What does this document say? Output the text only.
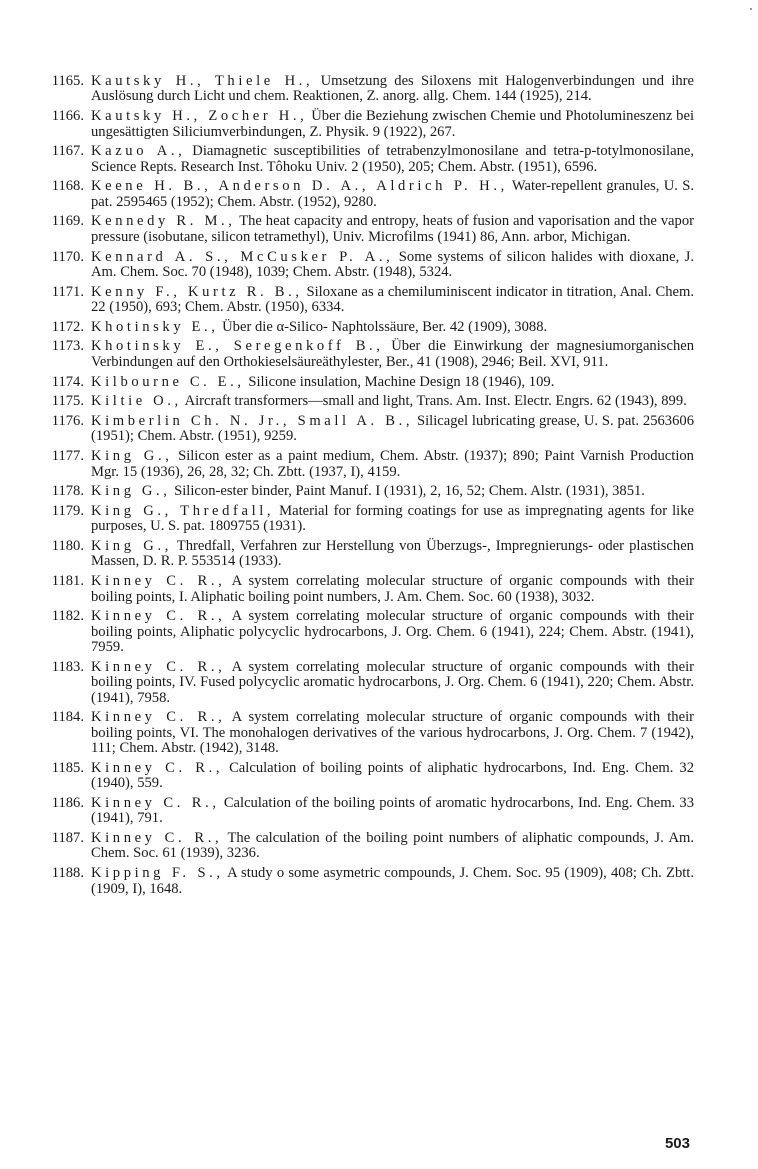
1165 . Kautsky H., Thiele H., Umsetzung des Siloxens mit Halogenverbindungen und ihre Auslösung durch Licht und chem. Reaktionen, Z. anorg. allg. Chem. 144 (1925), 214.
1166 . Kautsky H., Zocher H., Über die Beziehung zwischen Chemie und Photolumineszenz bei ungesättigten Siliciumverbindungen, Z. Physik. 9 (1922), 267.
1167 . Kazuo A., Diamagnetic susceptibilities of tetrabenzylmonosilane and tetra-p-totylmonosilane, Science Repts. Research Inst. Tôhoku Univ. 2 (1950), 205; Chem. Abstr. (1951), 6596.
1168 . Keene H. B., Anderson D. A., Aldrich P. H., Water-repellent granules, U. S. pat. 2595465 (1952); Chem. Abstr. (1952), 9280.
1169 . Kennedy R. M., The heat capacity and entropy, heats of fusion and vaporisation and the vapor pressure (isobutane, silicon tetramethyl), Univ. Microfilms (1941) 86, Ann. arbor, Michigan.
1170 . Kennard A. S., McCusker P. A., Some systems of silicon halides with dioxane, J. Am. Chem. Soc. 70 (1948), 1039; Chem. Abstr. (1948), 5324.
1171 . Kenny F., Kurtz R. B., Siloxane as a chemiluminiscent indicator in titration, Anal. Chem. 22 (1950), 693; Chem. Abstr. (1950), 6334.
1172 . Khotinsky E., Über die α-Silico- Naphtolssäure, Ber. 42 (1909), 3088.
1173 . Khotinsky E., Seregenkoff B., Über die Einwirkung der magnesiumorganischen Verbindungen auf den Orthokieselsäureäthylester, Ber., 41 (1908), 2946; Beil. XVI, 911.
1174 . Kilbourne C. E., Silicone insulation, Machine Design 18 (1946), 109.
1175 . Kiltie O., Aircraft transformers—small and light, Trans. Am. Inst. Electr. Engrs. 62 (1943), 899.
1176 . Kimberlin Ch. N. Jr., Small A. B., Silicagel lubricating grease, U. S. pat. 2563606 (1951); Chem. Abstr. (1951), 9259.
1177 . King G., Silicon ester as a paint medium, Chem. Abstr. (1937); 890; Paint Varnish Production Mgr. 15 (1936), 26, 28, 32; Ch. Zbtt. (1937, I), 4159.
1178 . King G., Silicon-ester binder, Paint Manuf. I (1931), 2, 16, 52; Chem. Alstr. (1931), 3851.
1179 . King G., Thredfall, Material for forming coatings for use as impregnating agents for like purposes, U. S. pat. 1809755 (1931).
1180 . King G., Thredfall, Verfahren zur Herstellung von Überzugs-, Impregnierungs- oder plastischen Massen, D. R. P. 553514 (1933).
1181 . Kinney C. R., A system correlating molecular structure of organic compounds with their boiling points, I. Aliphatic boiling point numbers, J. Am. Chem. Soc. 60 (1938), 3032.
1182 . Kinney C. R., A system correlating molecular structure of organic compounds with their boiling points, Aliphatic polycyclic hydrocarbons, J. Org. Chem. 6 (1941), 224; Chem. Abstr. (1941), 7959.
1183 . Kinney C. R., A system correlating molecular structure of organic compounds with their boiling points, IV. Fused polycyclic aromatic hydrocarbons, J. Org. Chem. 6 (1941), 220; Chem. Abstr. (1941), 7958.
1184 . Kinney C. R., A system correlating molecular structure of organic compounds with their boiling points, VI. The monohalogen derivatives of the various hydrocarbons, J. Org. Chem. 7 (1942), 111; Chem. Abstr. (1942), 3148.
1185 . Kinney C. R., Calculation of boiling points of aliphatic hydrocarbons, Ind. Eng. Chem. 32 (1940), 559.
1186 . Kinney C. R., Calculation of the boiling points of aromatic hydrocarbons, Ind. Eng. Chem. 33 (1941), 791.
1187 . Kinney C. R., The calculation of the boiling point numbers of aliphatic compounds, J. Am. Chem. Soc. 61 (1939), 3236.
1188 . Kipping F. S., A study o some asymetric compounds, J. Chem. Soc. 95 (1909), 408; Ch. Zbtt. (1909, I), 1648.
503
